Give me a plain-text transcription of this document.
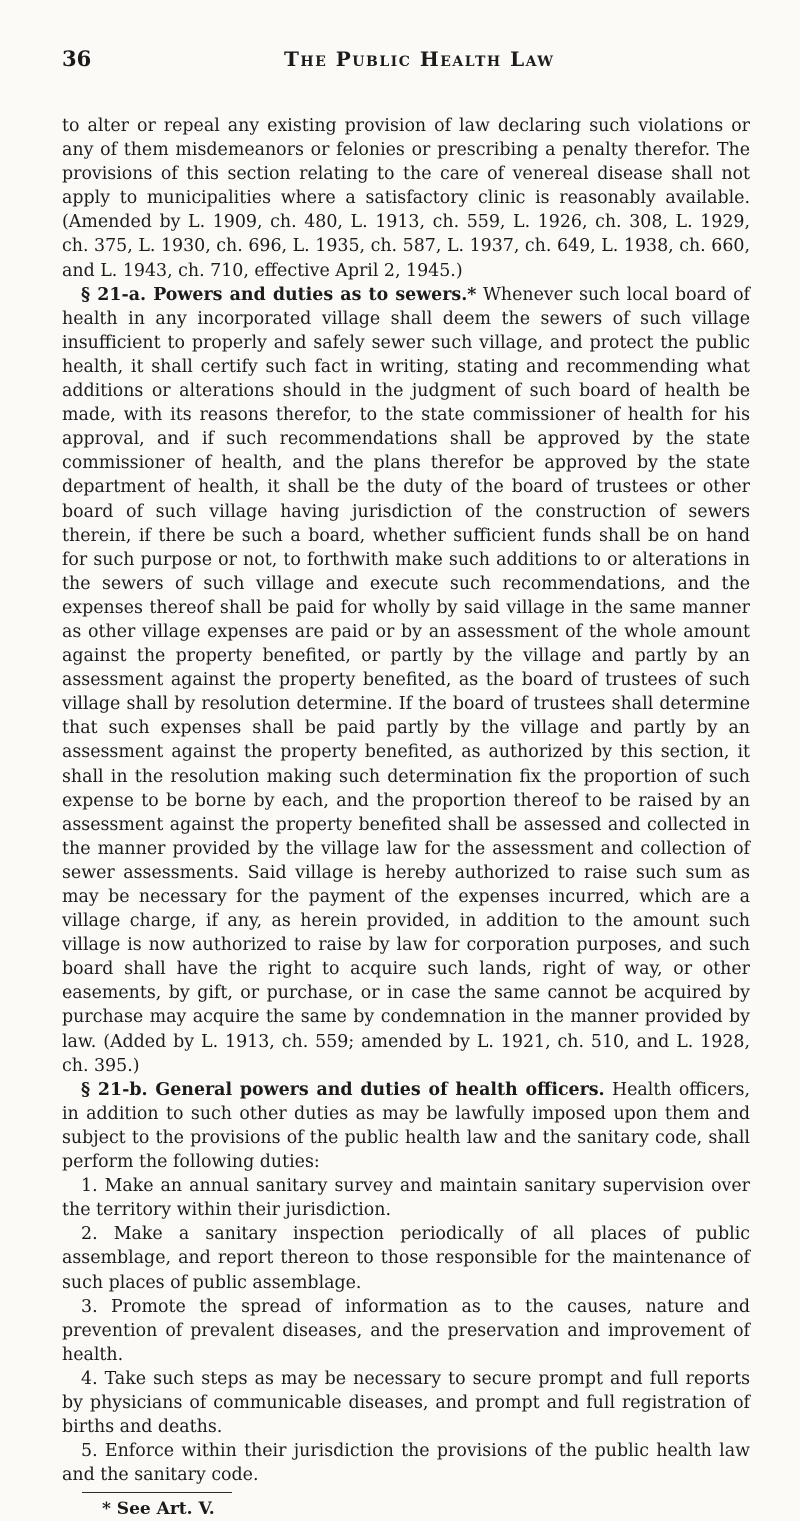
36	The Public Health Law

to alter or repeal any existing provision of law declaring such violations or any of them misdemeanors or felonies or prescribing a penalty therefor. The provisions of this section relating to the care of venereal disease shall not apply to municipalities where a satisfactory clinic is reasonably available. (Amended by L. 1909, ch. 480, L. 1913, ch. 559, L. 1926, ch. 308, L. 1929, ch. 375, L. 1930, ch. 696, L. 1935, ch. 587, L. 1937, ch. 649, L. 1938, ch. 660, and L. 1943, ch. 710, effective April 2, 1945.)

§ 21-a. Powers and duties as to sewers.* Whenever such local board of health in any incorporated village shall deem the sewers of such village insufficient to properly and safely sewer such village, and protect the public health, it shall certify such fact in writing, stating and recommending what additions or alterations should in the judgment of such board of health be made, with its reasons therefor, to the state commissioner of health for his approval, and if such recommendations shall be approved by the state commissioner of health, and the plans therefor be approved by the state department of health, it shall be the duty of the board of trustees or other board of such village having jurisdiction of the construction of sewers therein, if there be such a board, whether sufficient funds shall be on hand for such purpose or not, to forthwith make such additions to or alterations in the sewers of such village and execute such recommendations, and the expenses thereof shall be paid for wholly by said village in the same manner as other village expenses are paid or by an assessment of the whole amount against the property benefited, or partly by the village and partly by an assessment against the property benefited, as the board of trustees of such village shall by resolution determine. If the board of trustees shall determine that such expenses shall be paid partly by the village and partly by an assessment against the property benefited, as authorized by this section, it shall in the resolution making such determination fix the proportion of such expense to be borne by each, and the proportion thereof to be raised by an assessment against the property benefited shall be assessed and collected in the manner provided by the village law for the assessment and collection of sewer assessments. Said village is hereby authorized to raise such sum as may be necessary for the payment of the expenses incurred, which are a village charge, if any, as herein provided, in addition to the amount such village is now authorized to raise by law for corporation purposes, and such board shall have the right to acquire such lands, right of way, or other easements, by gift, or purchase, or in case the same cannot be acquired by purchase may acquire the same by condemnation in the manner provided by law. (Added by L. 1913, ch. 559; amended by L. 1921, ch. 510, and L. 1928, ch. 395.)

§ 21-b. General powers and duties of health officers. Health officers, in addition to such other duties as may be lawfully imposed upon them and subject to the provisions of the public health law and the sanitary code, shall perform the following duties:

1. Make an annual sanitary survey and maintain sanitary supervision over the territory within their jurisdiction.

2. Make a sanitary inspection periodically of all places of public assemblage, and report thereon to those responsible for the maintenance of such places of public assemblage.

3. Promote the spread of information as to the causes, nature and prevention of prevalent diseases, and the preservation and improvement of health.

4. Take such steps as may be necessary to secure prompt and full reports by physicians of communicable diseases, and prompt and full registration of births and deaths.

5. Enforce within their jurisdiction the provisions of the public health law and the sanitary code.

* See Art. V.
